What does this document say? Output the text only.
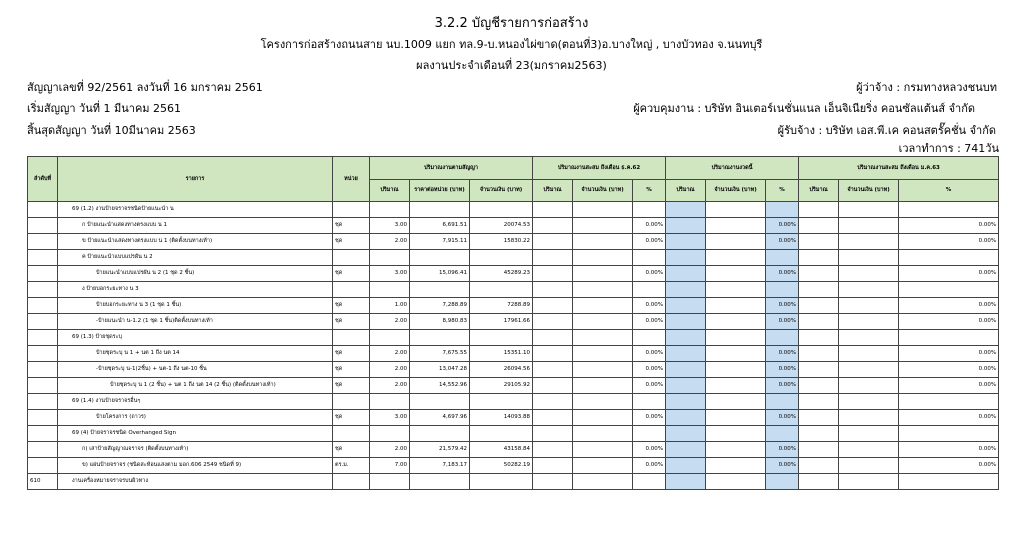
3.2.2 บัญชีรายการก่อสร้าง
โครงการก่อสร้างถนนสาย นบ.1009 แยก ทล.9-บ.หนองไผ่ขาด(ตอนที่3)อ.บางใหญ่ , บางบัวทอง จ.นนทบุรี
ผลงานประจำเดือนที่ 23(มกราคม2563)
สัญญาเลขที่ 92/2561 ลงวันที่ 16 มกราคม 2561
เริ่มสัญญา วันที่ 1 มีนาคม 2561
สิ้นสุดสัญญา วันที่ 10มีนาคม 2563
ผู้ว่าจ้าง : กรมทางหลวงชนบท
ผู้ควบคุมงาน : บริษัท อินเตอร์เนชั่นแนล เอ็นจิเนียริ่ง คอนซัลแต้นส์ จำกัด
ผู้รับจ้าง : บริษัท เอส.พี.เค คอนสตรั๊คชั่น จำกัด
เวลาทำการ : 741วัน
ลำดับที่	รายการ	หน่วย	ปริมาณงานตามสัญญา			ปริมาณงานสะสม ถึงเดือน ธ.ค.62			ปริมาณงานงวดนี้			ปริมาณงานสะสม ถึงเดือน ม.ค.63		
			ปริมาณ	ราคาต่อหน่วย (บาท)	จำนวนเงิน (บาท)	ปริมาณ	จำนวนเงิน (บาท)	%	ปริมาณ	จำนวนเงิน (บาท)	%	ปริมาณ	จำนวนเงิน (บาท)	%
	69 (1.2) งานป้ายจราจรชนิดป้ายแนะนำ น													
	ก ป้ายแนะนำแสดงทางตรงแบบ น 1	ชุด	3.00	6,691.51	20074.53			0.00%			0.00%			0.00%
	ข ป้ายแนะนำแสดงทางตรงแบบ น 1 (ติดตั้งบนทางเท้า)	ชุด	2.00	7,915.11	15830.22			0.00%			0.00%			0.00%
	ค ป้ายแนะนำแบบแปรผัน น 2													
	ป้ายแนะนำแบบแปรผัน น 2 (1 ชุด 2 ชิ้น)	ชุด	3.00	15,096.41	45289.23			0.00%			0.00%			0.00%
	ง ป้ายบอกระยะทาง น 3													
	ป้ายบอกระยะทาง น 3 (1 ชุด 1 ชิ้น)	ชุด	1.00	7,288.89	7288.89			0.00%			0.00%			0.00%
	-ป้ายแนะนำ น-1.2 (1 ชุด 1 ชิ้น)ติดตั้งบนทางเท้า	ชุด	2.00	8,980.83	17961.66			0.00%			0.00%			0.00%
	69 (1.3) ป้ายชุดระบุ													
	ป้ายชุดระบุ น 1 + นต 1 ถึง นต 14	ชุด	2.00	7,675.55	15351.10			0.00%			0.00%			0.00%
	-ป้ายชุดระบุ น-1(2ชิ้น) + นต-1 ถึง นต-10 ชิ้น	ชุด	2.00	13,047.28	26094.56			0.00%			0.00%			0.00%
	ป้ายชุดระบุ น 1 (2 ชิ้น) + นต 1 ถึง นต 14 (2 ชิ้น) (ติดตั้งบนทางเท้า)	ชุด	2.00	14,552.96	29105.92			0.00%			0.00%			0.00%
	69 (1.4) งานป้ายจราจรอื่นๆ													
	ป้ายโครงการ (ถาวร)	ชุด	3.00	4,697.96	14093.88			0.00%			0.00%			0.00%
	69 (4) ป้ายจราจรชนิด Overhanged Sign													
	ก) เสาป้ายสัญญาณจราจร (ติดตั้งบนทางเท้า)	ชุด	2.00	21,579.42	43158.84			0.00%			0.00%			0.00%
	ข) แผ่นป้ายจราจร (ชนิดสะท้อนแสงตาม มอก.606 2549 ชนิดที่ 9)	ตร.ม.	7.00	7,183.17	50282.19			0.00%			0.00%			0.00%
610	งานเครื่องหมายจราจรบนผิวทาง													
